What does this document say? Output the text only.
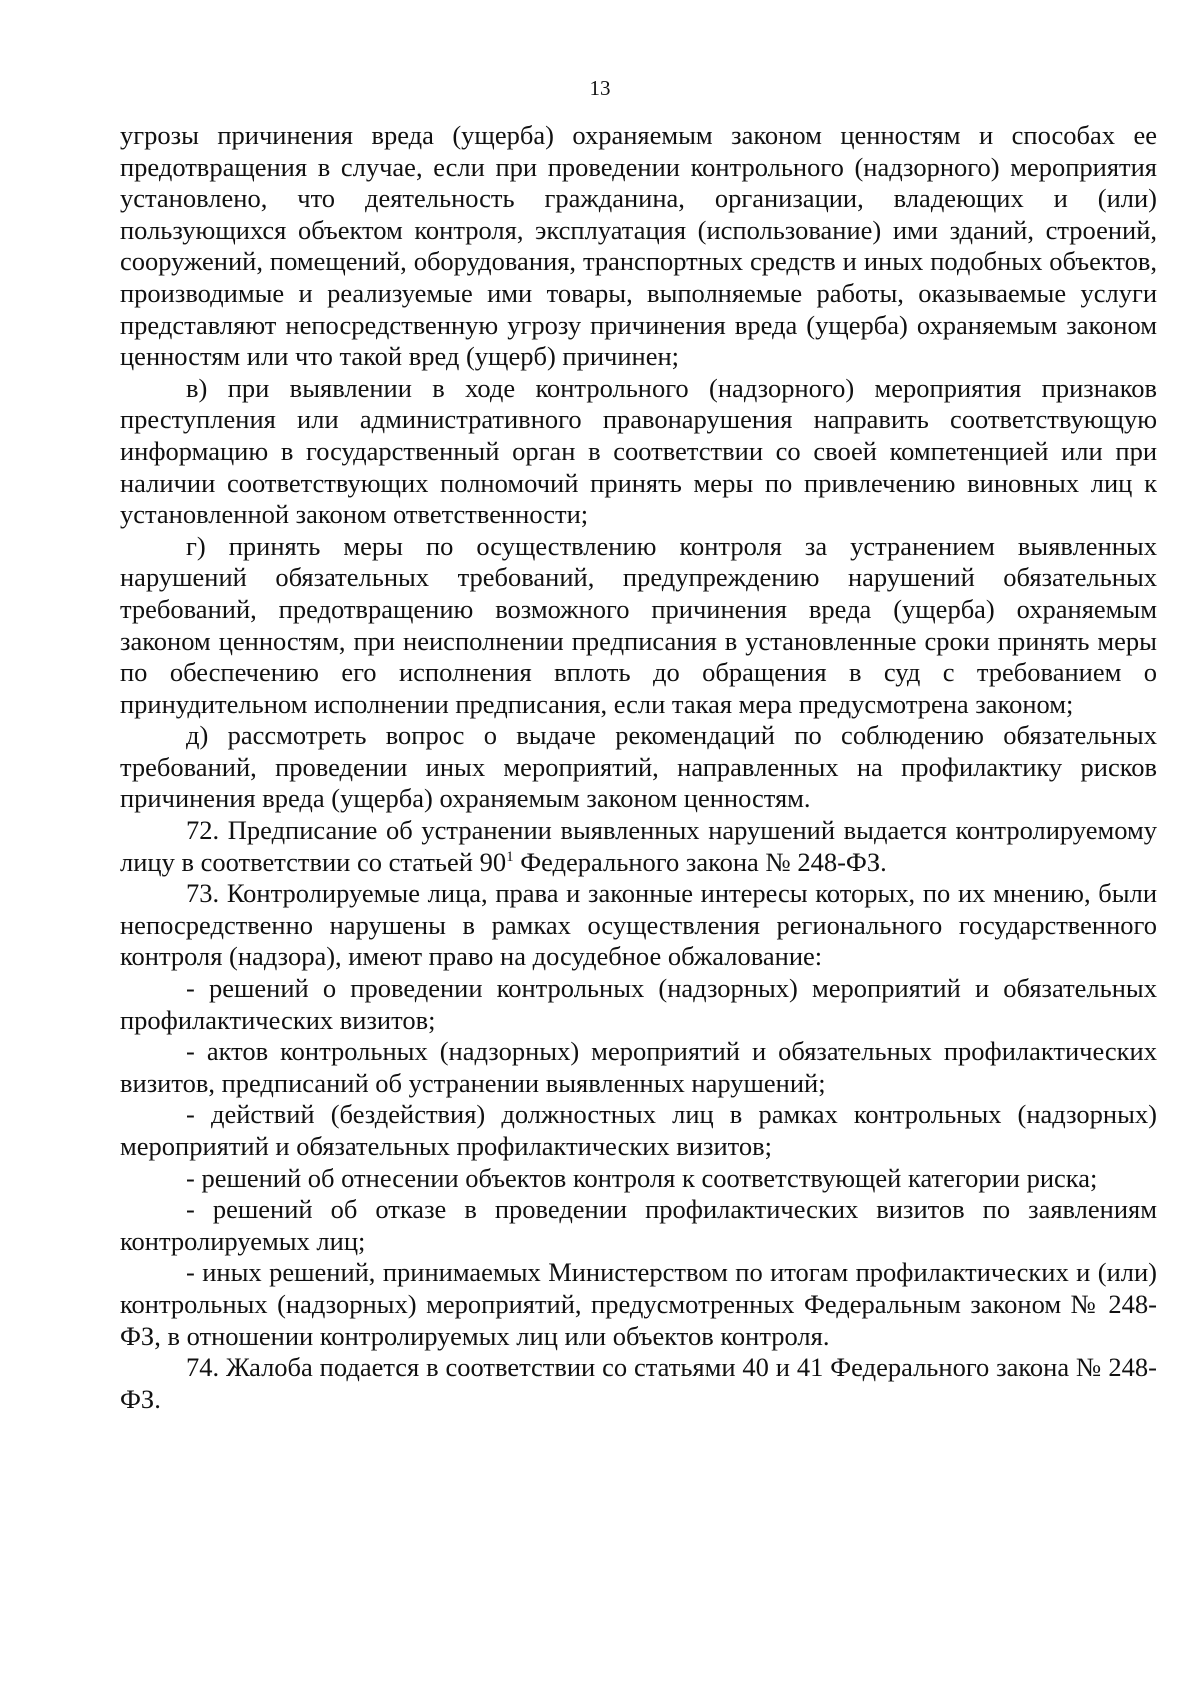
13

угрозы причинения вреда (ущерба) охраняемым законом ценностям и способах ее предотвращения в случае, если при проведении контрольного (надзорного) мероприятия установлено, что деятельность гражданина, организации, владеющих и (или) пользующихся объектом контроля, эксплуатация (использование) ими зданий, строений, сооружений, помещений, оборудования, транспортных средств и иных подобных объектов, производимые и реализуемые ими товары, выполняемые работы, оказываемые услуги представляют непосредственную угрозу причинения вреда (ущерба) охраняемым законом ценностям или что такой вред (ущерб) причинен;

в) при выявлении в ходе контрольного (надзорного) мероприятия признаков преступления или административного правонарушения направить соответствующую информацию в государственный орган в соответствии со своей компетенцией или при наличии соответствующих полномочий принять меры по привлечению виновных лиц к установленной законом ответственности;

г) принять меры по осуществлению контроля за устранением выявленных нарушений обязательных требований, предупреждению нарушений обязательных требований, предотвращению возможного причинения вреда (ущерба) охраняемым законом ценностям, при неисполнении предписания в установленные сроки принять меры по обеспечению его исполнения вплоть до обращения в суд с требованием о принудительном исполнении предписания, если такая мера предусмотрена законом;

д) рассмотреть вопрос о выдаче рекомендаций по соблюдению обязательных требований, проведении иных мероприятий, направленных на профилактику рисков причинения вреда (ущерба) охраняемым законом ценностям.

72. Предписание об устранении выявленных нарушений выдается контролируемому лицу в соответствии со статьей $90^1$ Федерального закона № 248-ФЗ.

73. Контролируемые лица, права и законные интересы которых, по их мнению, были непосредственно нарушены в рамках осуществления регионального государственного контроля (надзора), имеют право на досудебное обжалование:

- решений о проведении контрольных (надзорных) мероприятий и обязательных профилактических визитов;

- актов контрольных (надзорных) мероприятий и обязательных профилактических визитов, предписаний об устранении выявленных нарушений;

- действий (бездействия) должностных лиц в рамках контрольных (надзорных) мероприятий и обязательных профилактических визитов;

- решений об отнесении объектов контроля к соответствующей категории риска;

- решений об отказе в проведении профилактических визитов по заявлениям контролируемых лиц;

- иных решений, принимаемых Министерством по итогам профилактических и (или) контрольных (надзорных) мероприятий, предусмотренных Федеральным законом № 248-ФЗ, в отношении контролируемых лиц или объектов контроля.

74. Жалоба подается в соответствии со статьями 40 и 41 Федерального закона № 248-ФЗ.
